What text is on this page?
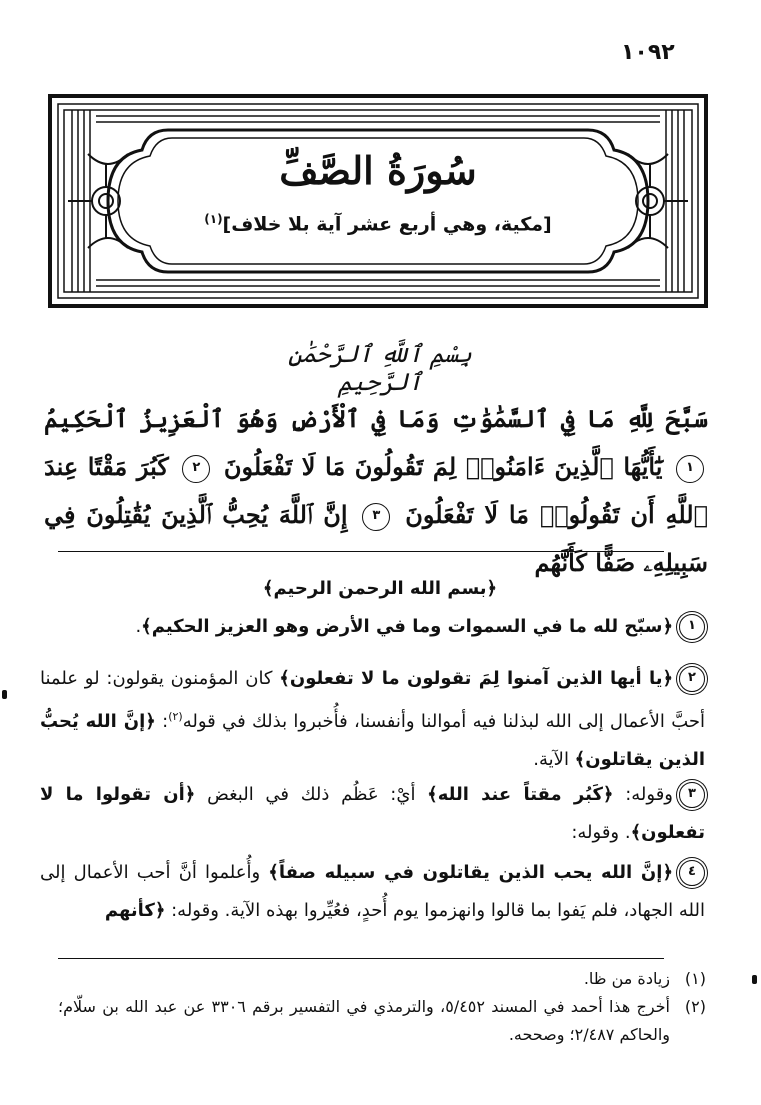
١٠٩٢
سُورَةُ الصَّفِّ
[مكية، وهي أربع عشر آية بلا خلاف]$^{(١)}$
بِسْمِ ٱللَّهِ ٱلرَّحْمَٰنِ ٱلرَّحِيمِ
سَبَّحَ لِلَّهِ مَا فِي ٱلسَّمَٰوَٰتِ وَمَا فِي ٱلْأَرْضِ وَهُوَ ٱلْعَزِيزُ ٱلْحَكِيمُ ١ يَٰٓأَيُّهَا ٱلَّذِينَ ءَامَنُوا۟ لِمَ تَقُولُونَ مَا لَا تَفْعَلُونَ ٢ كَبُرَ مَقْتًا عِندَ ٱللَّهِ أَن تَقُولُوا۟ مَا لَا تَفْعَلُونَ ٣ إِنَّ ٱللَّهَ يُحِبُّ ٱلَّذِينَ يُقَٰتِلُونَ فِي سَبِيلِهِۦ صَفًّا كَأَنَّهُم
﴿بسم الله الرحمن الرحيم﴾
١﴿سبّح لله ما في السموات وما في الأرض وهو العزيز الحكيم﴾.
٢﴿يا أيها الذين آمنوا لِمَ تقولون ما لا تفعلون﴾ كان المؤمنون يقولون: لو علمنا أحبَّ الأعمال إلى الله لبذلنا فيه أموالنا وأنفسنا، فأُخبروا بذلك في قوله$^{(٢)}$: ﴿إنَّ الله يُحبُّ الذين يقاتلون﴾ الآية.
٣وقوله: ﴿كَبُر مقتاً عند الله﴾ أيْ: عَظُم ذلك في البغض ﴿أن تقولوا ما لا تفعلون﴾. وقوله:
٤﴿إنَّ الله يحب الذين يقاتلون في سبيله صفاً﴾ وأُعلموا أنَّ أحب الأعمال إلى الله الجهاد، فلم يَفوا بما قالوا وانهزموا يوم أُحدٍ، فعُيِّروا بهذه الآية. وقوله: ﴿كأنهم
(١)
زيادة من ظا.
(٢)
أخرج هذا أحمد في المسند ٥/٤٥٢، والترمذي في التفسير برقم ٣٣٠٦ عن عبد الله بن سلّام؛ والحاكم ٢/٤٨٧؛ وصححه.
